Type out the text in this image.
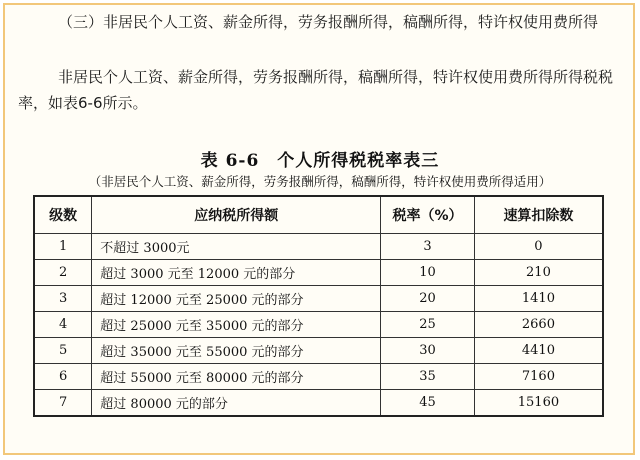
（三）非居民个人工资、薪金所得，劳务报酬所得，稿酬所得，特许权使用费所得
非居民个人工资、薪金所得，劳务报酬所得，稿酬所得，特许权使用费所得所得税税率，如表6-6所示。
表 6-6　个人所得税税率表三
（非居民个人工资、薪金所得，劳务报酬所得，稿酬所得，特许权使用费所得适用）
级数	应纳税所得额	税率（%）	速算扣除数
1	不超过 3000元	3	0
2	超过 3000 元至 12000 元的部分	10	210
3	超过 12000 元至 25000 元的部分	20	1410
4	超过 25000 元至 35000 元的部分	25	2660
5	超过 35000 元至 55000 元的部分	30	4410
6	超过 55000 元至 80000 元的部分	35	7160
7	超过 80000 元的部分	45	15160
